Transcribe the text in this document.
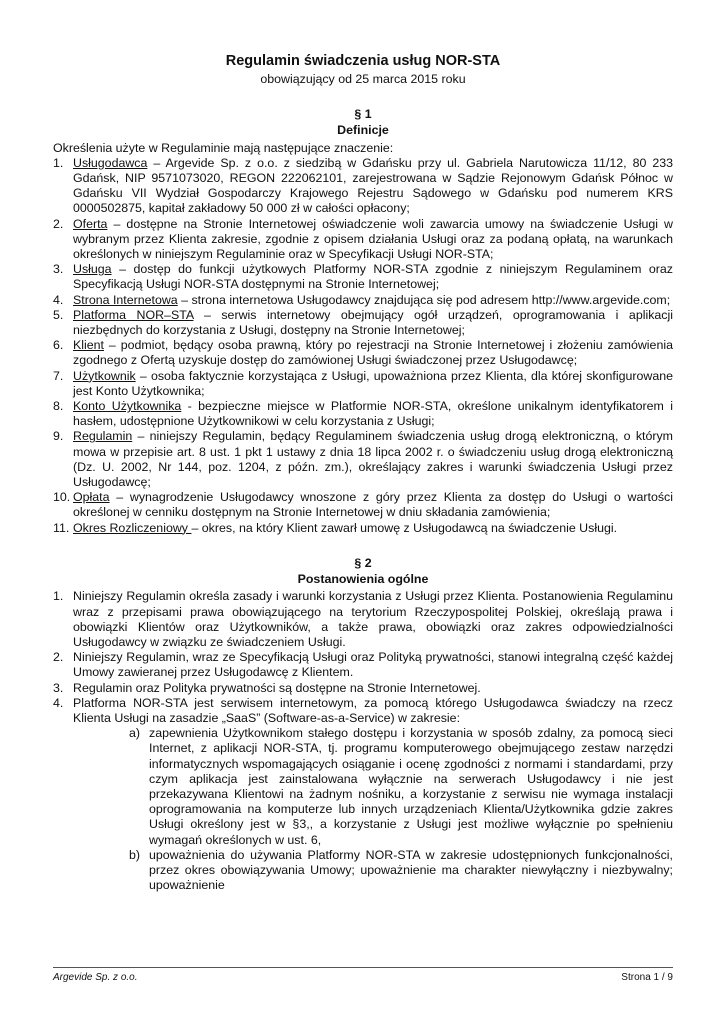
Regulamin świadczenia usług NOR-STA

obowiązujący od 25 marca 2015 roku

§ 1
Definicje

Określenia użyte w Regulaminie mają następujące znaczenie:

1. Usługodawca – Argevide Sp. z o.o. z siedzibą w Gdańsku przy ul. Gabriela Narutowicza 11/12, 80 233 Gdańsk, NIP 9571073020, REGON 222062101, zarejestrowana w Sądzie Rejonowym Gdańsk Północ w Gdańsku VII Wydział Gospodarczy Krajowego Rejestru Sądowego w Gdańsku pod numerem KRS 0000502875, kapitał zakładowy 50 000 zł w całości opłacony;
2. Oferta – dostępne na Stronie Internetowej oświadczenie woli zawarcia umowy na świadczenie Usługi w wybranym przez Klienta zakresie, zgodnie z opisem działania Usługi oraz za podaną opłatą, na warunkach określonych w niniejszym Regulaminie oraz w Specyfikacji Usługi NOR-STA;
3. Usługa – dostęp do funkcji użytkowych Platformy NOR-STA zgodnie z niniejszym Regulaminem oraz Specyfikacją Usługi NOR-STA dostępnymi na Stronie Internetowej;
4. Strona Internetowa – strona internetowa Usługodawcy znajdująca się pod adresem http://www.argevide.com;
5. Platforma NOR–STA – serwis internetowy obejmujący ogół urządzeń, oprogramowania i aplikacji niezbędnych do korzystania z Usługi, dostępny na Stronie Internetowej;
6. Klient – podmiot, będący osoba prawną, który po rejestracji na Stronie Internetowej i złożeniu zamówienia zgodnego z Ofertą uzyskuje dostęp do zamówionej Usługi świadczonej przez Usługodawcę;
7. Użytkownik – osoba faktycznie korzystająca z Usługi, upoważniona przez Klienta, dla której skonfigurowane jest Konto Użytkownika;
8. Konto Użytkownika - bezpieczne miejsce w Platformie NOR-STA, określone unikalnym identyfikatorem i hasłem, udostępnione Użytkownikowi w celu korzystania z Usługi;
9. Regulamin – niniejszy Regulamin, będący Regulaminem świadczenia usług drogą elektroniczną, o którym mowa w przepisie art. 8 ust. 1 pkt 1 ustawy z dnia 18 lipca 2002 r. o świadczeniu usług drogą elektroniczną (Dz. U. 2002, Nr 144, poz. 1204, z późn. zm.), określający zakres i warunki świadczenia Usługi przez Usługodawcę;
10. Opłata – wynagrodzenie Usługodawcy wnoszone z góry przez Klienta za dostęp do Usługi o wartości określonej w cenniku dostępnym na Stronie Internetowej w dniu składania zamówienia;
11. Okres Rozliczeniowy – okres, na który Klient zawarł umowę z Usługodawcą na świadczenie Usługi.
§ 2
Postanowienia ogólne
1. Niniejszy Regulamin określa zasady i warunki korzystania z Usługi przez Klienta. Postanowienia Regulaminu wraz z przepisami prawa obowiązującego na terytorium Rzeczypospolitej Polskiej, określają prawa i obowiązki Klientów oraz Użytkowników, a także prawa, obowiązki oraz zakres odpowiedzialności Usługodawcy w związku ze świadczeniem Usługi.
2. Niniejszy Regulamin, wraz ze Specyfikacją Usługi oraz Polityką prywatności, stanowi integralną część każdej Umowy zawieranej przez Usługodawcę z Klientem.
3. Regulamin oraz Polityka prywatności są dostępne na Stronie Internetowej.
4. Platforma NOR-STA jest serwisem internetowym, za pomocą którego Usługodawca świadczy na rzecz Klienta Usługi na zasadzie „SaaS” (Software-as-a-Service) w zakresie:
a) zapewnienia Użytkownikom stałego dostępu i korzystania w sposób zdalny, za pomocą sieci Internet, z aplikacji NOR-STA, tj. programu komputerowego obejmującego zestaw narzędzi informatycznych wspomagających osiąganie i ocenę zgodności z normami i standardami, przy czym aplikacja jest zainstalowana wyłącznie na serwerach Usługodawcy i nie jest przekazywana Klientowi na żadnym nośniku, a korzystanie z serwisu nie wymaga instalacji oprogramowania na komputerze lub innych urządzeniach Klienta/Użytkownika gdzie zakres Usługi określony jest w §3,, a korzystanie z Usługi jest możliwe wyłącznie po spełnieniu wymagań określonych w ust. 6,
b) upoważnienia do używania Platformy NOR-STA w zakresie udostępnionych funkcjonalności, przez okres obowiązywania Umowy; upoważnienie ma charakter niewyłączny i niezbywalny; upoważnienie
Argevide Sp. z o.o.	Strona 1 / 9
